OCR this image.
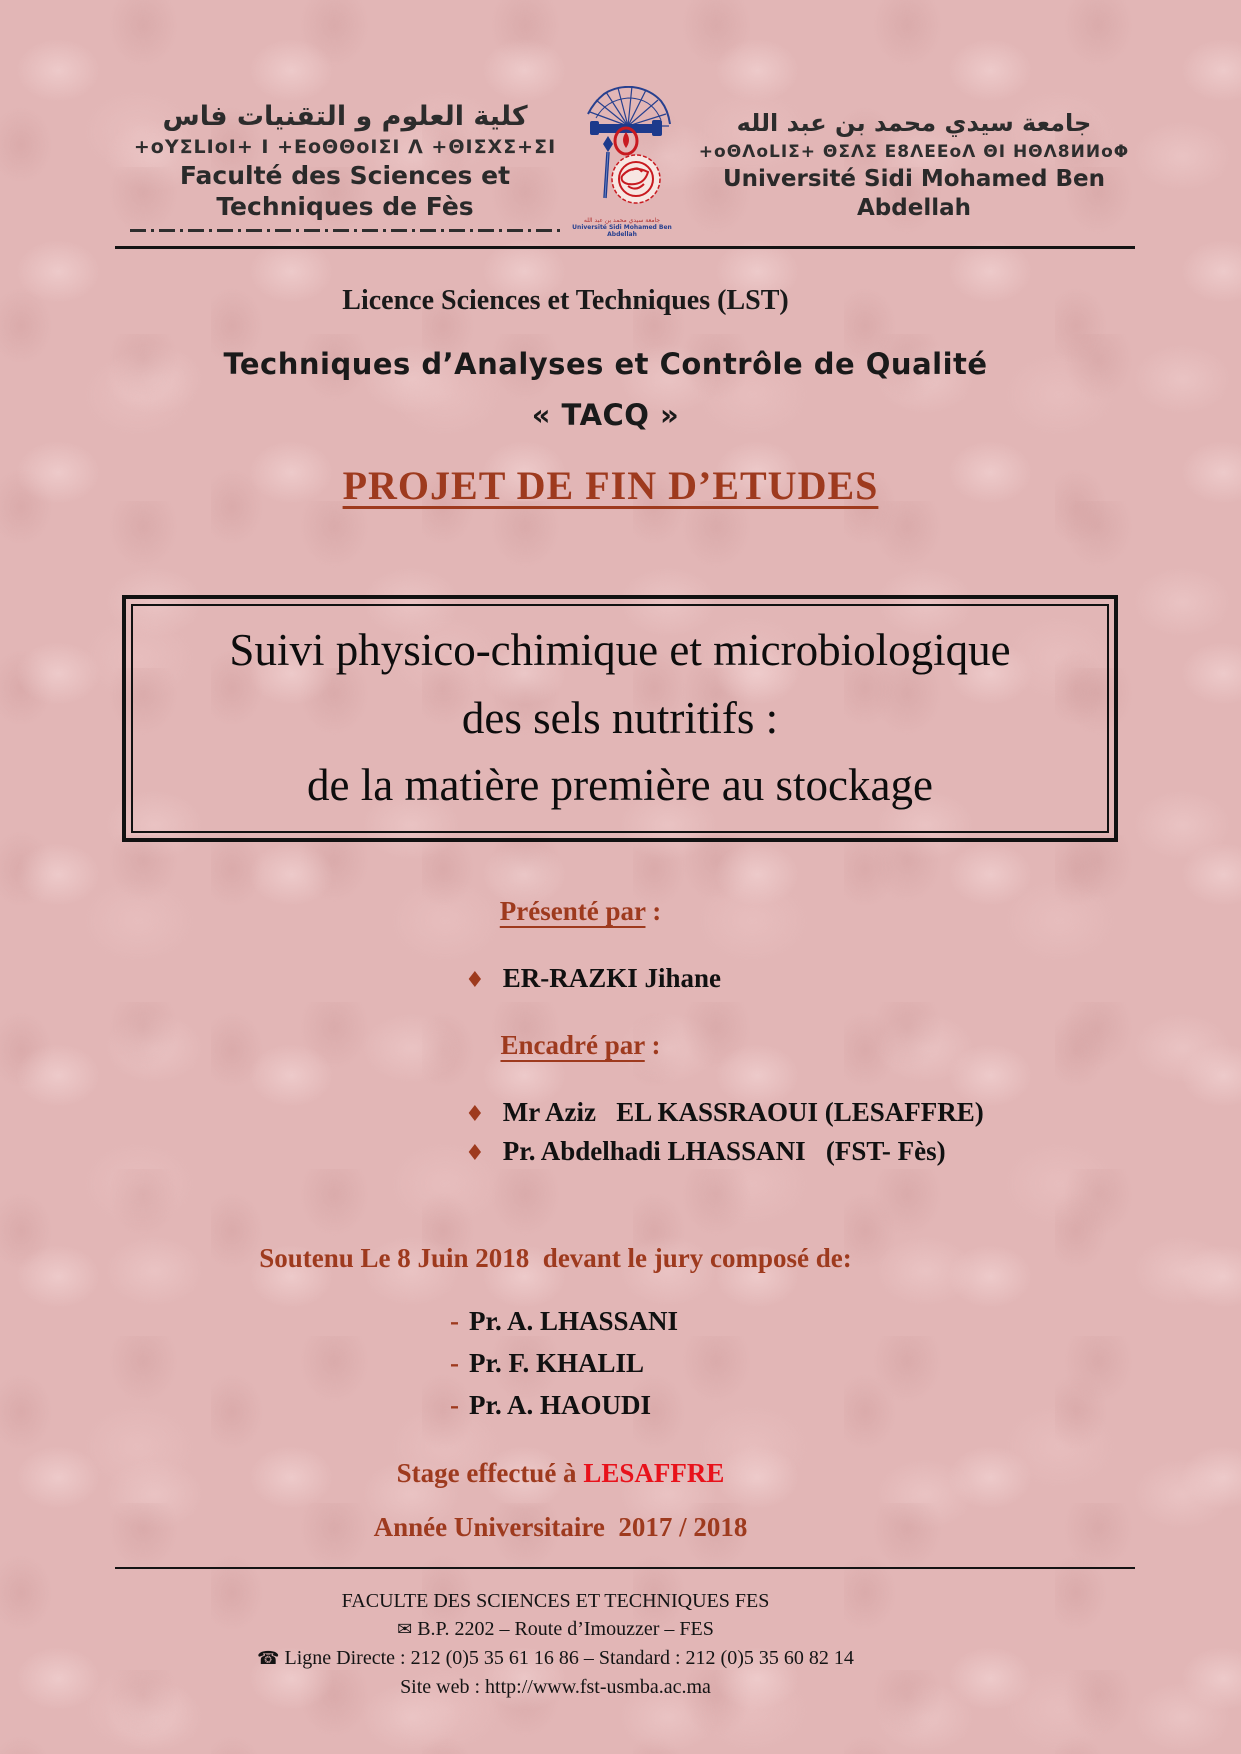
كلية العلوم و التقنيات فاس
+oYΣLIoI+ I +ΕoΘΘoIΣI Λ +ΘIΣXΣ+ΣI
Faculté des Sciences et Techniques de Fès	جامعة سيدي محمد بن عبد الله
Université Sidi Mohamed Ben Abdellah
جامعة سيدي محمد بن عبد الله
+oΘΛoLIΣ+ ΘΣΛΣ Ε8ΛΕΕoΛ ΘI ΗΘΛ8ИИoΦ
Université Sidi Mohamed Ben Abdellah
Licence Sciences et Techniques (LST)
Techniques d’Analyses et Contrôle de Qualité
« TACQ »
PROJET DE FIN D’ETUDES
Suivi physico-chimique et microbiologique
des sels nutritifs :
de la matière première au stockage
Présenté par :
♦ ER-RAZKI Jihane
Encadré par :
♦ Mr Aziz   EL KASSRAOUI (LESAFFRE)
♦ Pr. Abdelhadi LHASSANI   (FST- Fès)
Soutenu Le 8 Juin 2018  devant le jury composé de:
- Pr. A. LHASSANI
- Pr. F. KHALIL
- Pr. A. HAOUDI
Stage effectué à LESAFFRE
Année Universitaire  2017 / 2018
FACULTE DES SCIENCES ET TECHNIQUES FES
✉ B.P. 2202 – Route d’Imouzzer – FES
☎ Ligne Directe : 212 (0)5 35 61 16 86 – Standard : 212 (0)5 35 60 82 14
Site web : http://www.fst-usmba.ac.ma
